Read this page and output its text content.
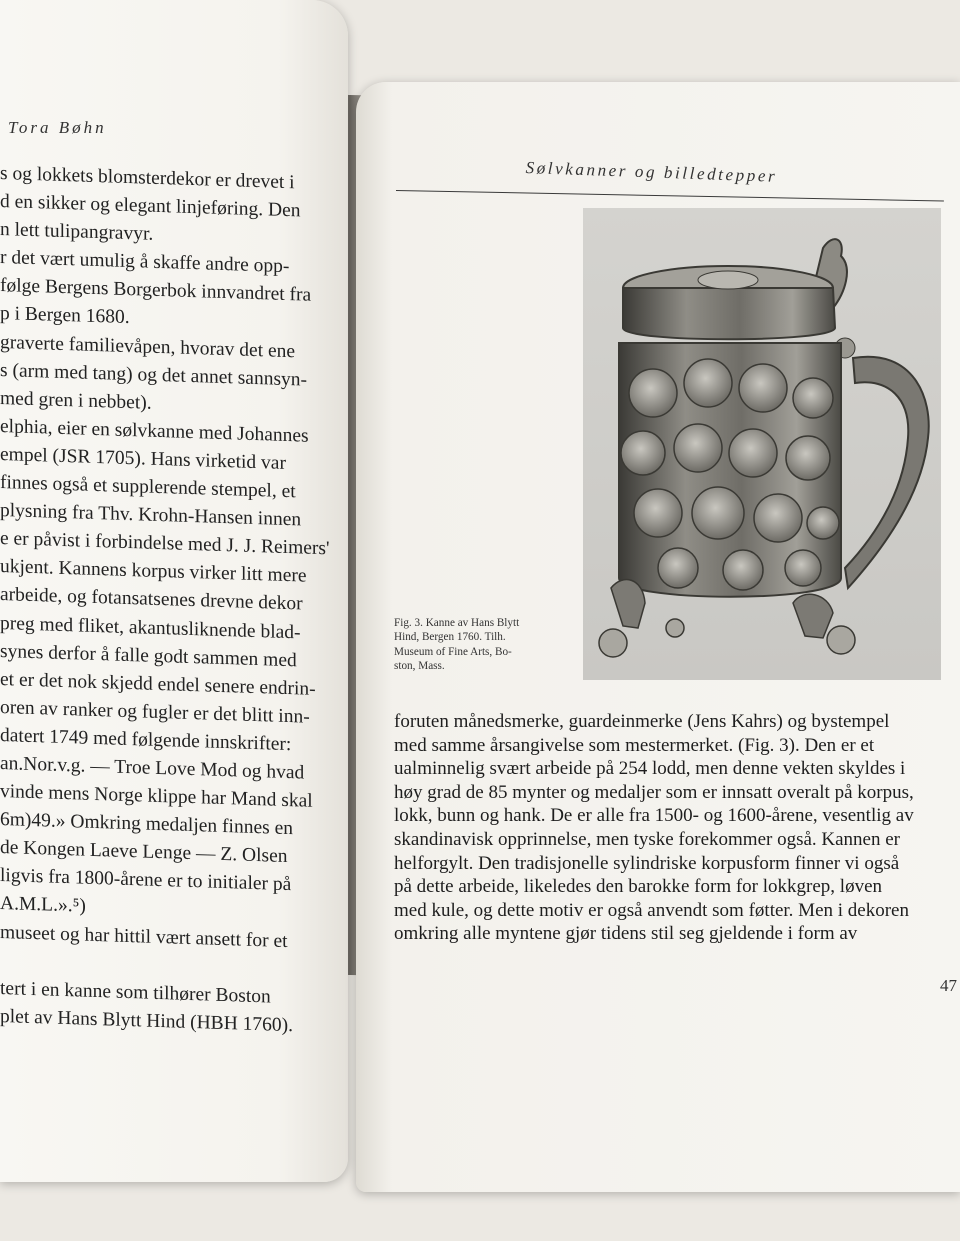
Tora Bøhn
s og lokkets blomsterdekor er drevet i
d en sikker og elegant linjeføring. Den
n lett tulipangravyr.
r det vært umulig å skaffe andre opp-
følge Bergens Borgerbok innvandret fra
p i Bergen 1680.
graverte familievåpen, hvorav det ene
s (arm med tang) og det annet sannsyn-
med gren i nebbet).
elphia, eier en sølvkanne med Johannes
empel (JSR 1705). Hans virketid var
finnes også et supplerende stempel, et
plysning fra Thv. Krohn-Hansen innen
e er påvist i forbindelse med J. J. Reimers'
ukjent. Kannens korpus virker litt mere
arbeide, og fotansatsenes drevne dekor
preg med fliket, akantusliknende blad-
synes derfor å falle godt sammen med
et er det nok skjedd endel senere endrin-
oren av ranker og fugler er det blitt inn-
datert 1749 med følgende innskrifter:
an.Nor.v.g. — Troe Love Mod og hvad
vinde mens Norge klippe har Mand skal
6m)49.» Omkring medaljen finnes en
de Kongen Laeve Lenge — Z. Olsen
ligvis fra 1800-årene er to initialer på
A.M.L.».⁵)
museet og har hittil vært ansett for et
tert i en kanne som tilhører Boston
plet av Hans Blytt Hind (HBH 1760).
Sølvkanner og billedtepper
Fig. 3. Kanne av Hans Blytt
Hind, Bergen 1760. Tilh.
Museum of Fine Arts, Bo-
ston, Mass.
foruten månedsmerke, guardeinmerke (Jens Kahrs) og bystempel
med samme årsangivelse som mestermerket. (Fig. 3). Den er et
ualminnelig svært arbeide på 254 lodd, men denne vekten skyldes i
høy grad de 85 mynter og medaljer som er innsatt overalt på korpus,
lokk, bunn og hank. De er alle fra 1500- og 1600-årene, vesentlig av
skandinavisk opprinnelse, men tyske forekommer også. Kannen er
helforgylt. Den tradisjonelle sylindriske korpusform finner vi også
på dette arbeide, likeledes den barokke form for lokkgrep, løven
med kule, og dette motiv er også anvendt som føtter. Men i dekoren
omkring alle myntene gjør tidens stil seg gjeldende i form av
47
